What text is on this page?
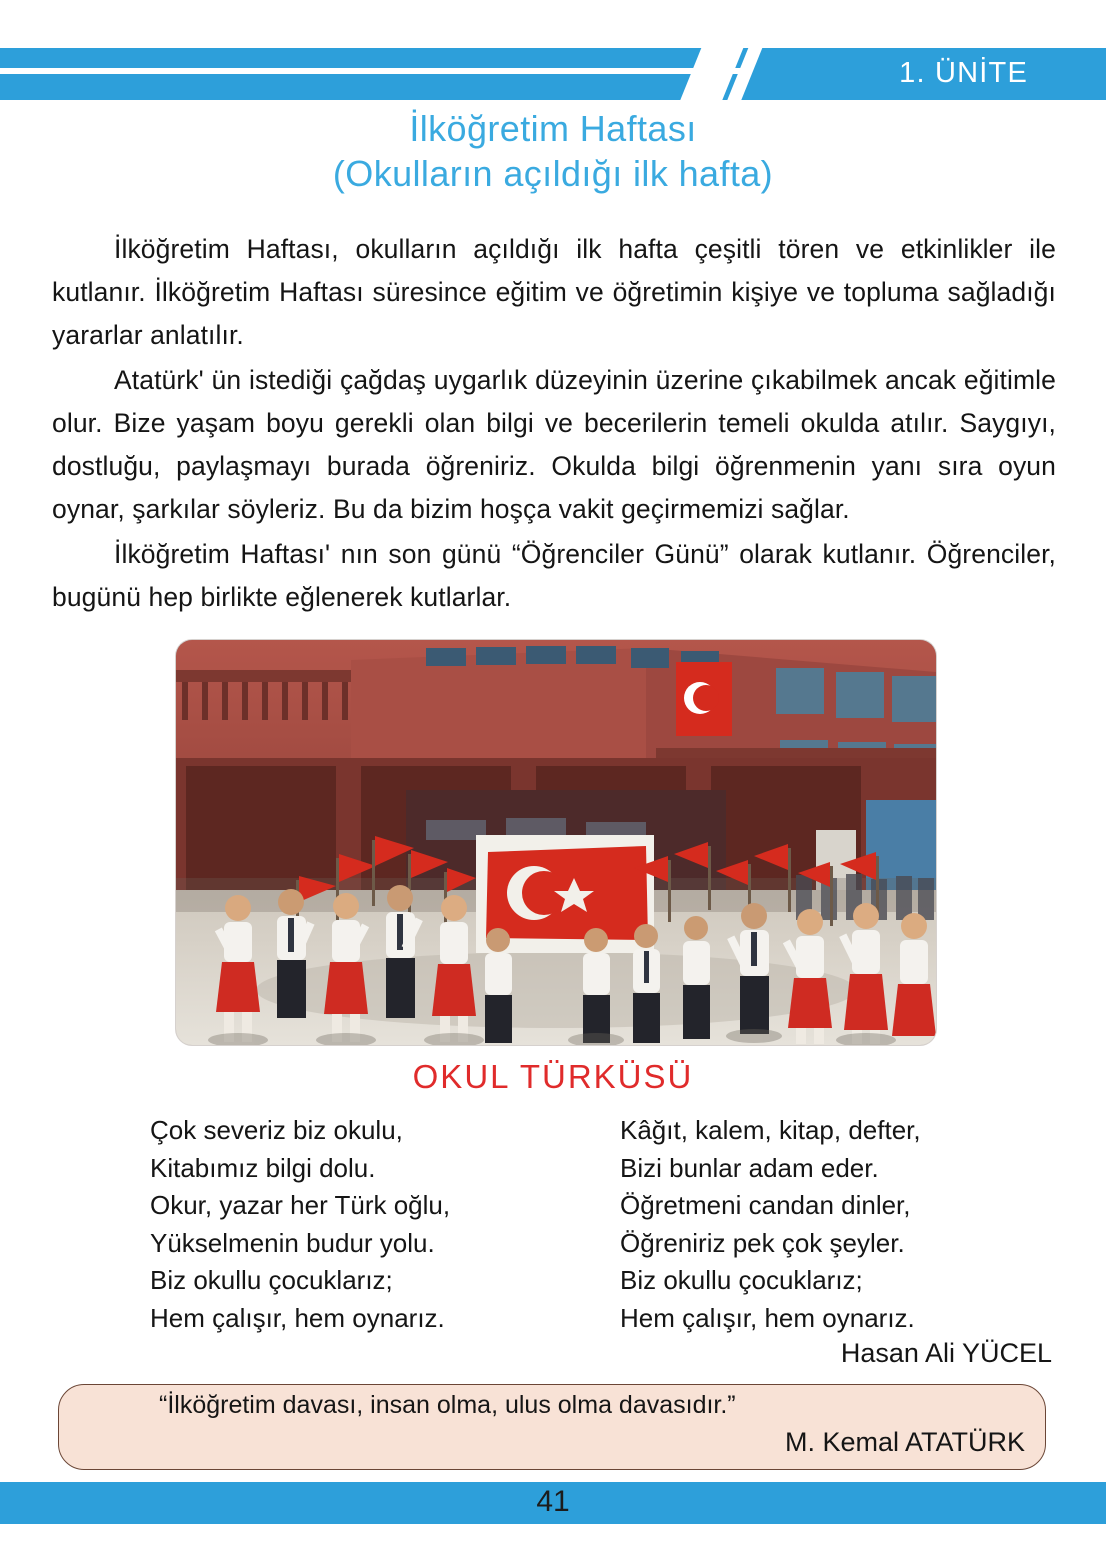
1. ÜNİTE
İlköğretim Haftası
(Okulların açıldığı ilk hafta)

İlköğretim Haftası, okulların açıldığı ilk hafta çeşitli tören ve etkinlikler ile kutlanır. İlköğretim Haftası süresince eğitim ve öğretimin kişiye ve topluma sağladığı yararlar anlatılır.

Atatürk' ün istediği çağdaş uygarlık düzeyinin üzerine çıkabilmek ancak eğitimle olur. Bize yaşam boyu gerekli olan bilgi ve becerilerin temeli okulda atılır. Saygıyı, dostluğu, paylaşmayı burada öğreniriz. Okulda bilgi öğrenmenin yanı sıra oyun oynar, şarkılar söyleriz. Bu da bizim hoşça vakit geçirmemizi sağlar.

İlköğretim Haftası' nın son günü “Öğrenciler Günü” olarak kutlanır. Öğrenciler, bugünü hep birlikte eğlenerek kutlarlar.

OKUL TÜRKÜSÜ
Çok severiz biz okulu,
Kitabımız bilgi dolu.
Okur, yazar her Türk oğlu,
Yükselmenin budur yolu.
Biz okullu çocuklarız;
Hem çalışır, hem oynarız.
Kâğıt, kalem, kitap, defter,
Bizi bunlar adam eder.
Öğretmeni candan dinler,
Öğreniriz pek çok şeyler.
Biz okullu çocuklarız;
Hem çalışır, hem oynarız.
Hasan Ali YÜCEL
“İlköğretim davası, insan olma, ulus olma davasıdır.”
M. Kemal ATATÜRK
41
